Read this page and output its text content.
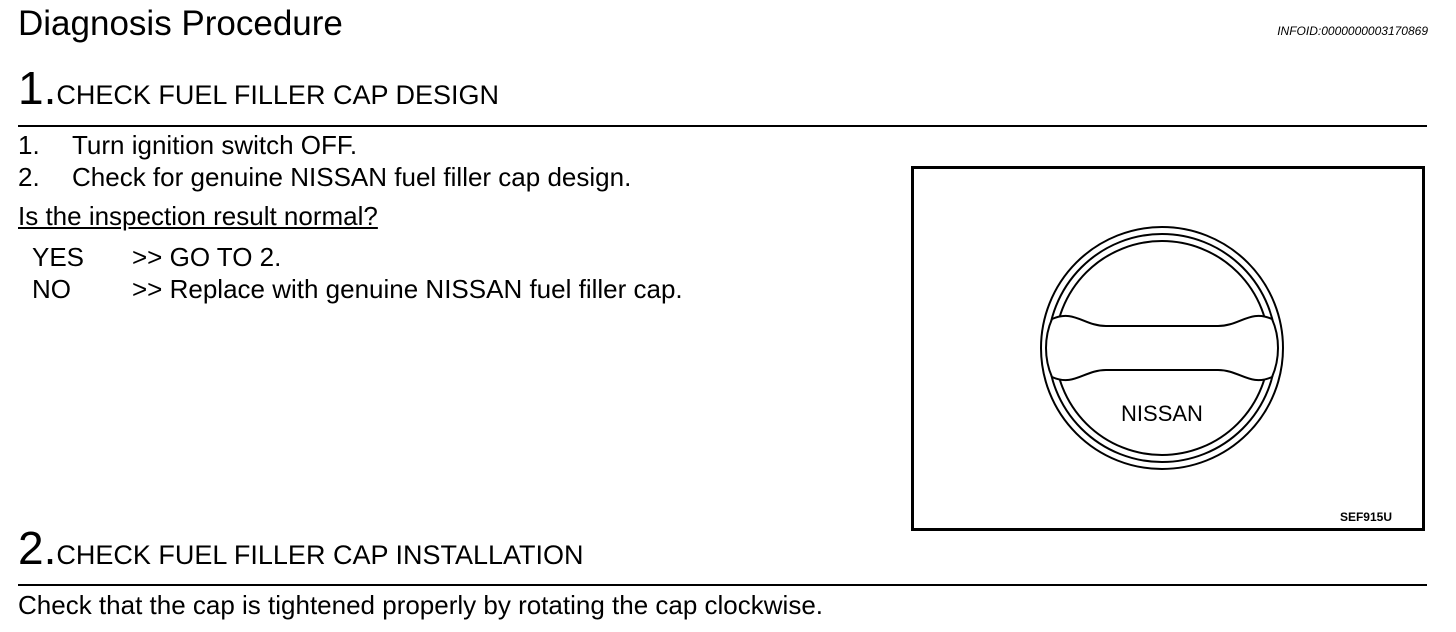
Diagnosis Procedure	INFOID:0000000003170869
1.CHECK FUEL FILLER CAP DESIGN
1. Turn ignition switch OFF.
2. Check for genuine NISSAN fuel filler cap design.
Is the inspection result normal?
YES >> GO TO 2.
NO >> Replace with genuine NISSAN fuel filler cap.
NISSAN
SEF915U
2.CHECK FUEL FILLER CAP INSTALLATION
Check that the cap is tightened properly by rotating the cap clockwise.
